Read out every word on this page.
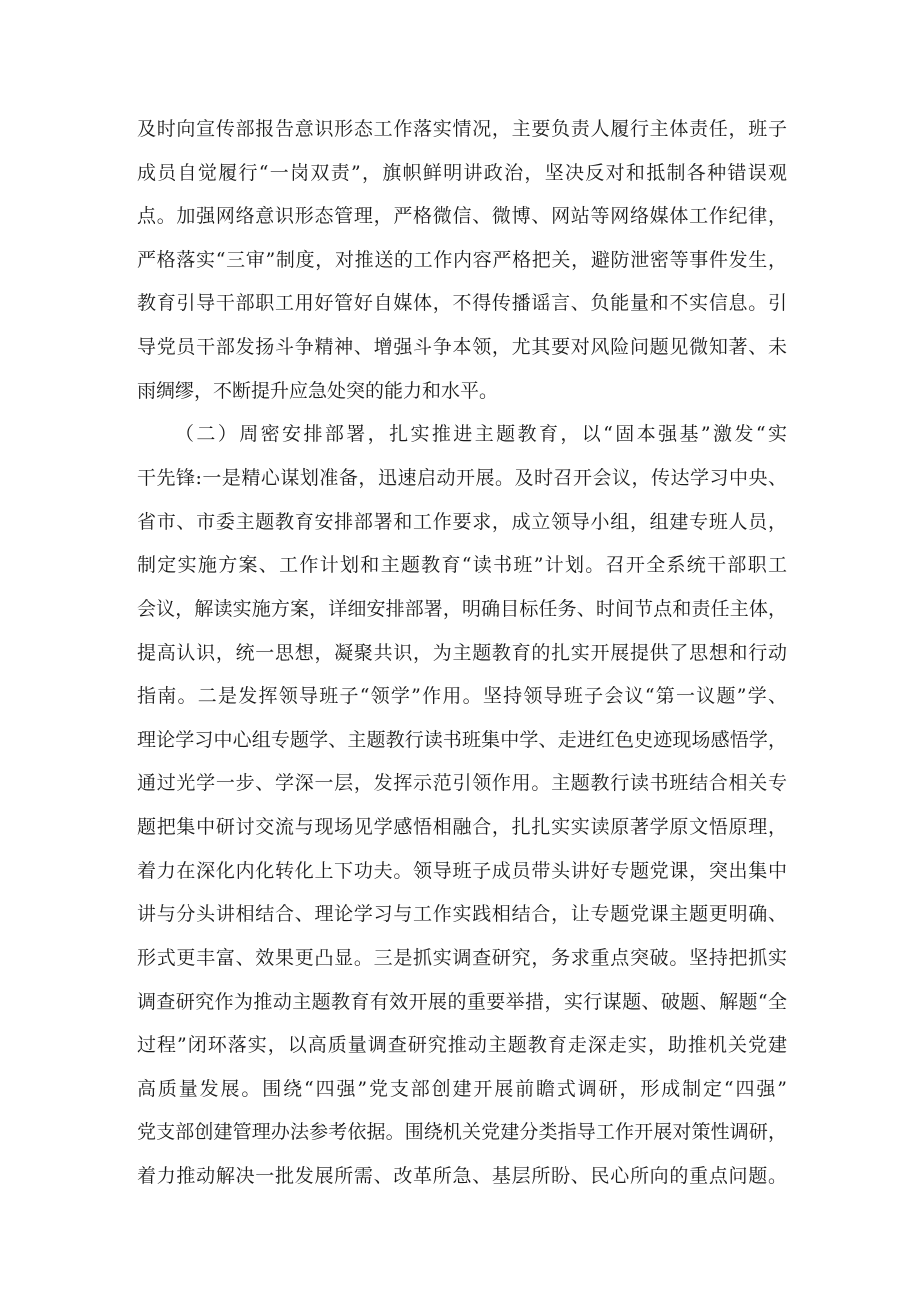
及时向宣传部报告意识形态工作落实情况，主要负责人履行主体责任，班子
成员自觉履行“一岗双责”，旗帜鲜明讲政治，坚决反对和抵制各种错误观
点。加强网络意识形态管理，严格微信、微博、网站等网络媒体工作纪律，
严格落实“三审”制度，对推送的工作内容严格把关，避防泄密等事件发生，
教育引导干部职工用好管好自媒体，不得传播谣言、负能量和不实信息。引
导党员干部发扬斗争精神、增强斗争本领，尤其要对风险问题见微知著、未
雨绸缪，不断提升应急处突的能力和水平。
（二）周密安排部署，扎实推进主题教育，以“固本强基”激发“实
干先锋:一是精心谋划准备，迅速启动开展。及时召开会议，传达学习中央、
省市、市委主题教育安排部署和工作要求，成立领导小组，组建专班人员，
制定实施方案、工作计划和主题教育“读书班”计划。召开全系统干部职工
会议，解读实施方案，详细安排部署，明确目标任务、时间节点和责任主体，
提高认识，统一思想，凝聚共识，为主题教育的扎实开展提供了思想和行动
指南。二是发挥领导班子“领学”作用。坚持领导班子会议“第一议题”学、
理论学习中心组专题学、主题教行读书班集中学、走进红色史迹现场感悟学，
通过光学一步、学深一层，发挥示范引领作用。主题教行读书班结合相关专
题把集中研讨交流与现场见学感悟相融合，扎扎实实读原著学原文悟原理，
着力在深化内化转化上下功夫。领导班子成员带头讲好专题党课，突出集中
讲与分头讲相结合、理论学习与工作实践相结合，让专题党课主题更明确、
形式更丰富、效果更凸显。三是抓实调查研究，务求重点突破。坚持把抓实
调查研究作为推动主题教育有效开展的重要举措，实行谋题、破题、解题“全
过程”闭环落实，以高质量调查研究推动主题教育走深走实，助推机关党建
高质量发展。围绕“四强”党支部创建开展前瞻式调研，形成制定“四强”
党支部创建管理办法参考依据。围绕机关党建分类指导工作开展对策性调研，
着力推动解决一批发展所需、改革所急、基层所盼、民心所向的重点问题。
